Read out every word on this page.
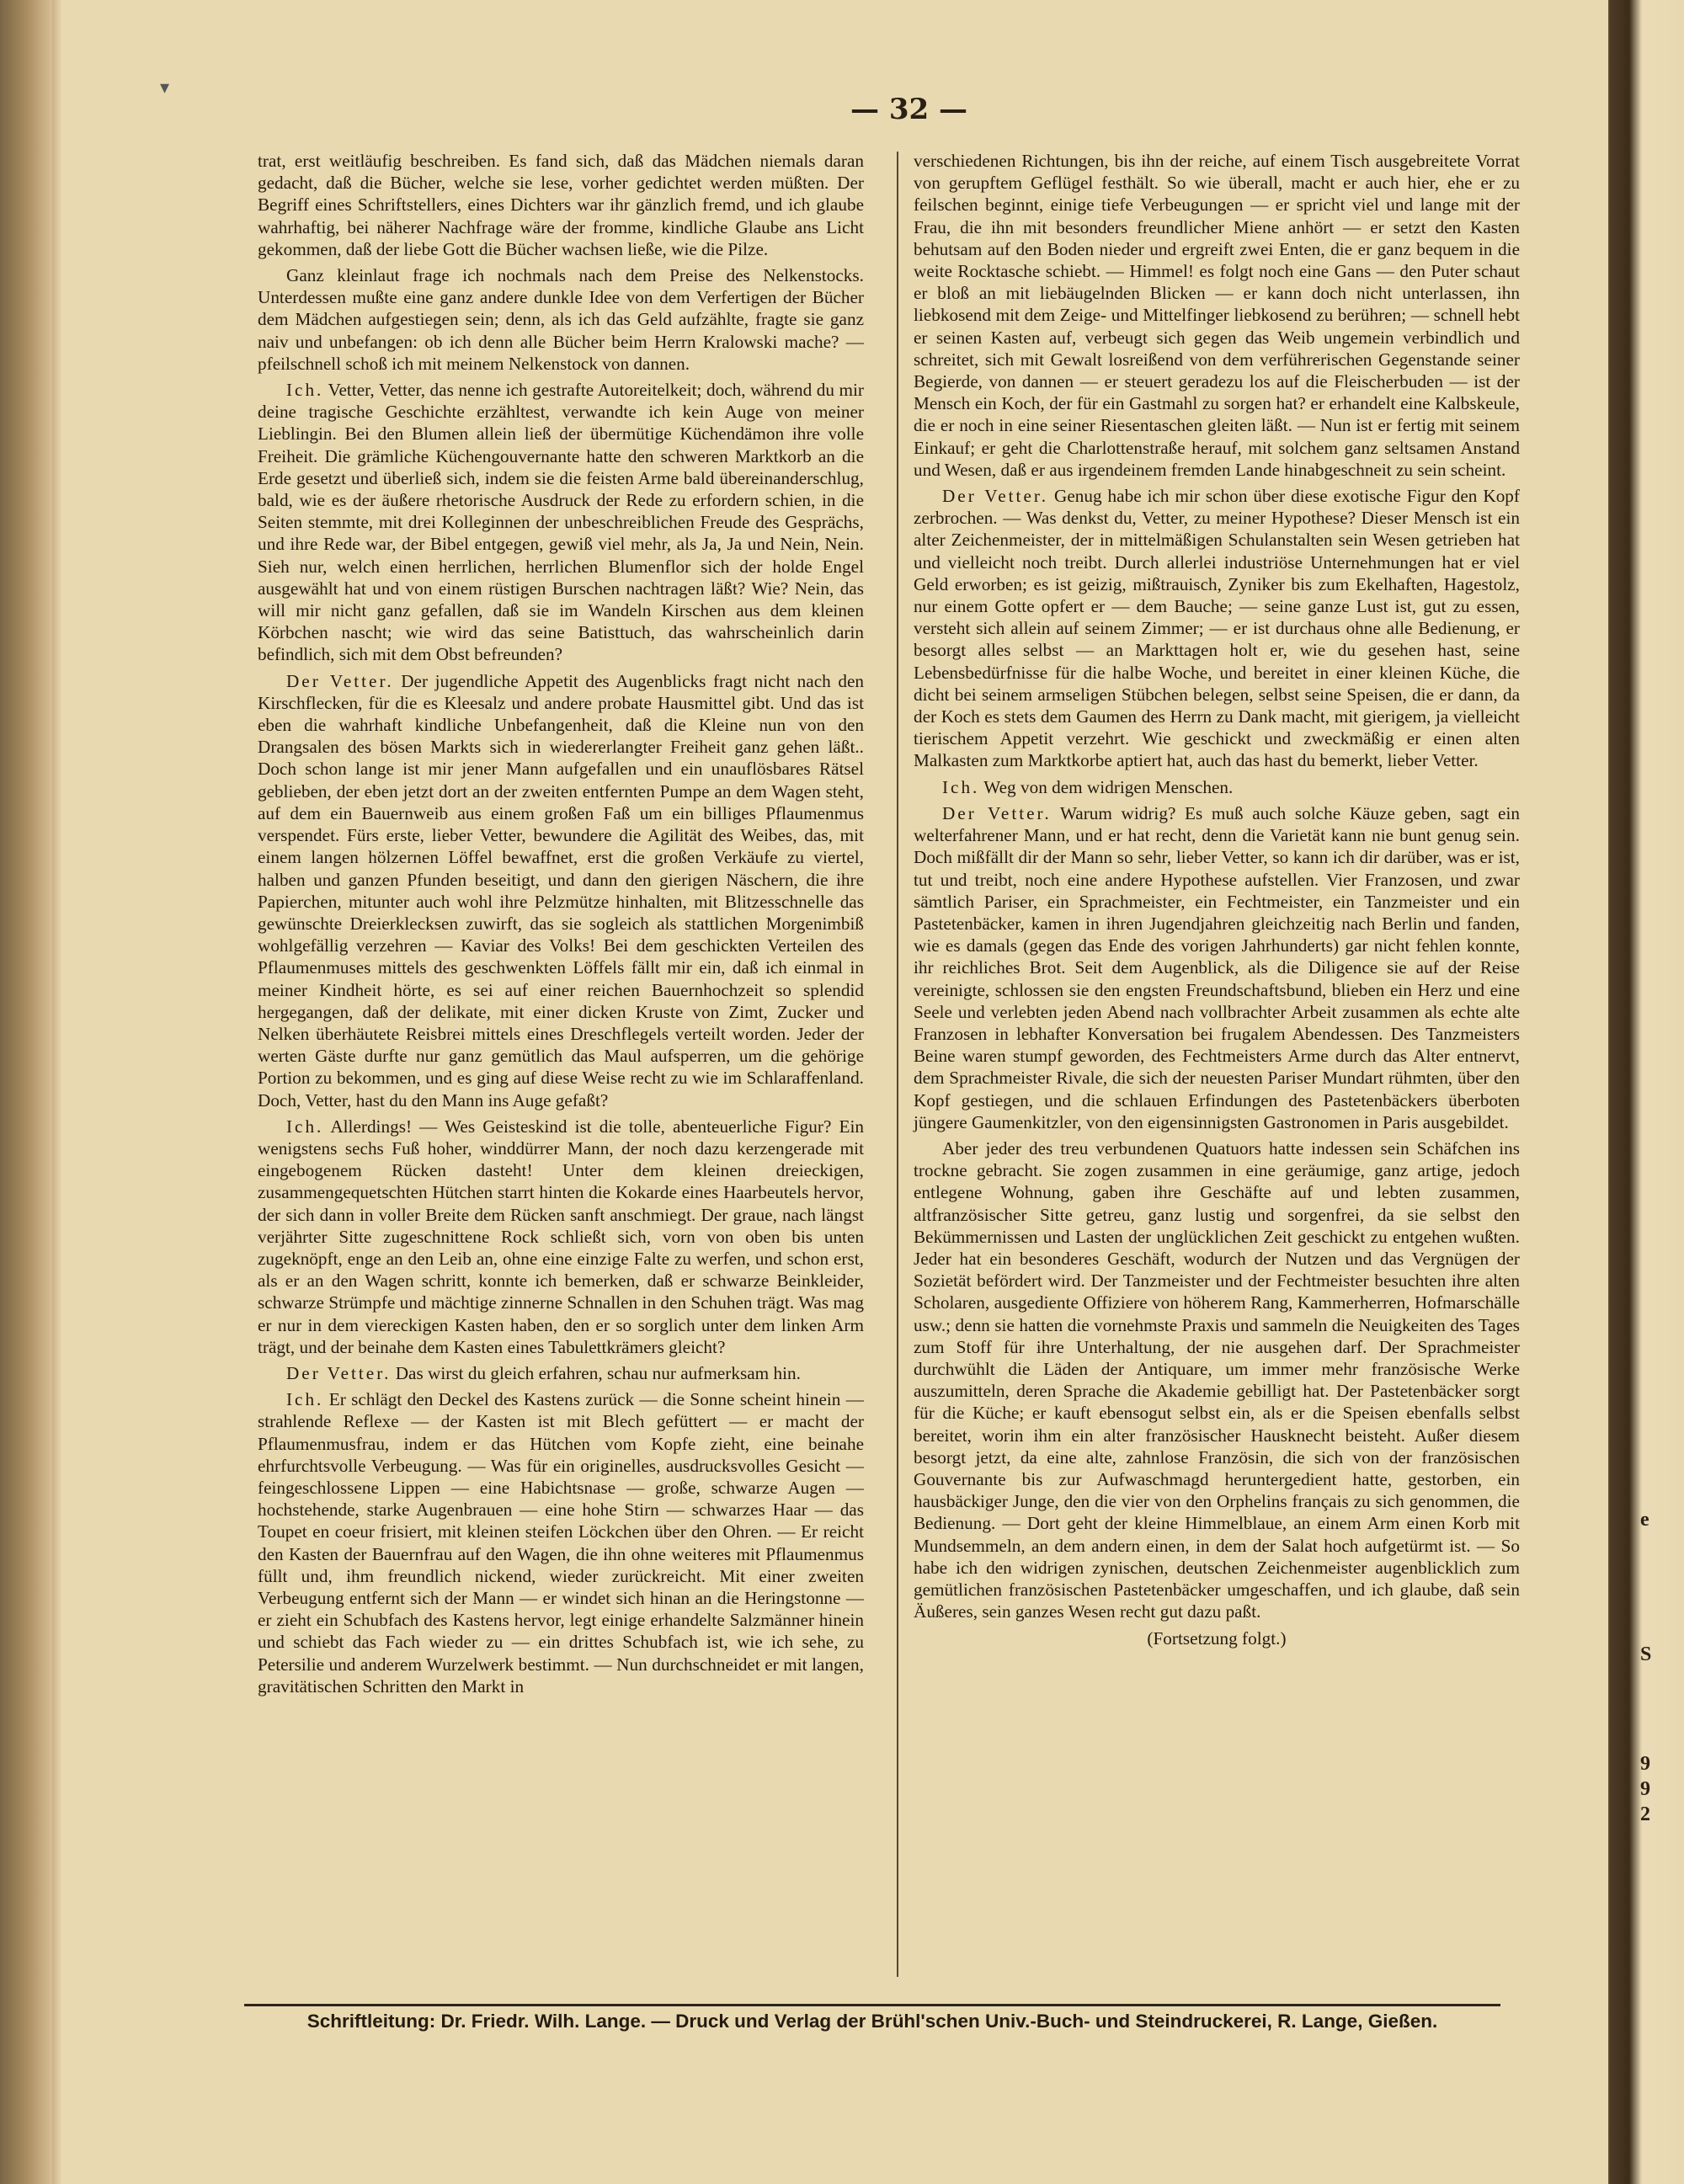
▾
— 32 —

trat, erst weitläufig beschreiben. Es fand sich, daß das Mädchen niemals daran gedacht, daß die Bücher, welche sie lese, vorher gedichtet werden müßten. Der Begriff eines Schriftstellers, eines Dichters war ihr gänzlich fremd, und ich glaube wahrhaftig, bei näherer Nachfrage wäre der fromme, kindliche Glaube ans Licht gekommen, daß der liebe Gott die Bücher wachsen ließe, wie die Pilze.

Ganz kleinlaut frage ich nochmals nach dem Preise des Nelkenstocks. Unterdessen mußte eine ganz andere dunkle Idee von dem Verfertigen der Bücher dem Mädchen aufgestiegen sein; denn, als ich das Geld aufzählte, fragte sie ganz naiv und unbefangen: ob ich denn alle Bücher beim Herrn Kralowski mache? — pfeilschnell schoß ich mit meinem Nelkenstock von dannen.

Ich. Vetter, Vetter, das nenne ich gestrafte Autoreitelkeit; doch, während du mir deine tragische Geschichte erzähltest, verwandte ich kein Auge von meiner Lieblingin. Bei den Blumen allein ließ der übermütige Küchendämon ihre volle Freiheit. Die grämliche Küchengouvernante hatte den schweren Marktkorb an die Erde gesetzt und überließ sich, indem sie die feisten Arme bald übereinanderschlug, bald, wie es der äußere rhetorische Ausdruck der Rede zu erfordern schien, in die Seiten stemmte, mit drei Kolleginnen der unbeschreiblichen Freude des Gesprächs, und ihre Rede war, der Bibel entgegen, gewiß viel mehr, als Ja, Ja und Nein, Nein. Sieh nur, welch einen herrlichen, herrlichen Blumenflor sich der holde Engel ausgewählt hat und von einem rüstigen Burschen nachtragen läßt? Wie? Nein, das will mir nicht ganz gefallen, daß sie im Wandeln Kirschen aus dem kleinen Körbchen nascht; wie wird das seine Batisttuch, das wahrscheinlich darin befindlich, sich mit dem Obst befreunden?

Der Vetter. Der jugendliche Appetit des Augenblicks fragt nicht nach den Kirschflecken, für die es Kleesalz und andere probate Hausmittel gibt. Und das ist eben die wahrhaft kindliche Unbefangenheit, daß die Kleine nun von den Drangsalen des bösen Markts sich in wiedererlangter Freiheit ganz gehen läßt.. Doch schon lange ist mir jener Mann aufgefallen und ein unauflösbares Rätsel geblieben, der eben jetzt dort an der zweiten entfernten Pumpe an dem Wagen steht, auf dem ein Bauernweib aus einem großen Faß um ein billiges Pflaumenmus verspendet. Fürs erste, lieber Vetter, bewundere die Agilität des Weibes, das, mit einem langen hölzernen Löffel bewaffnet, erst die großen Verkäufe zu viertel, halben und ganzen Pfunden beseitigt, und dann den gierigen Näschern, die ihre Papierchen, mitunter auch wohl ihre Pelzmütze hinhalten, mit Blitzesschnelle das gewünschte Dreierklecksen zuwirft, das sie sogleich als stattlichen Morgenimbiß wohlgefällig verzehren — Kaviar des Volks! Bei dem geschickten Verteilen des Pflaumenmuses mittels des geschwenkten Löffels fällt mir ein, daß ich einmal in meiner Kindheit hörte, es sei auf einer reichen Bauernhochzeit so splendid hergegangen, daß der delikate, mit einer dicken Kruste von Zimt, Zucker und Nelken überhäutete Reisbrei mittels eines Dreschflegels verteilt worden. Jeder der werten Gäste durfte nur ganz gemütlich das Maul aufsperren, um die gehörige Portion zu bekommen, und es ging auf diese Weise recht zu wie im Schlaraffenland. Doch, Vetter, hast du den Mann ins Auge gefaßt?

Ich. Allerdings! — Wes Geisteskind ist die tolle, abenteuerliche Figur? Ein wenigstens sechs Fuß hoher, winddürrer Mann, der noch dazu kerzengerade mit eingebogenem Rücken dasteht! Unter dem kleinen dreieckigen, zusammengequetschten Hütchen starrt hinten die Kokarde eines Haarbeutels hervor, der sich dann in voller Breite dem Rücken sanft anschmiegt. Der graue, nach längst verjährter Sitte zugeschnittene Rock schließt sich, vorn von oben bis unten zugeknöpft, enge an den Leib an, ohne eine einzige Falte zu werfen, und schon erst, als er an den Wagen schritt, konnte ich bemerken, daß er schwarze Beinkleider, schwarze Strümpfe und mächtige zinnerne Schnallen in den Schuhen trägt. Was mag er nur in dem viereckigen Kasten haben, den er so sorglich unter dem linken Arm trägt, und der beinahe dem Kasten eines Tabulettkrämers gleicht?

Der Vetter. Das wirst du gleich erfahren, schau nur aufmerksam hin.

Ich. Er schlägt den Deckel des Kastens zurück — die Sonne scheint hinein — strahlende Reflexe — der Kasten ist mit Blech gefüttert — er macht der Pflaumenmusfrau, indem er das Hütchen vom Kopfe zieht, eine beinahe ehrfurchtsvolle Verbeugung. — Was für ein originelles, ausdrucksvolles Gesicht — feingeschlossene Lippen — eine Habichtsnase — große, schwarze Augen — hochstehende, starke Augenbrauen — eine hohe Stirn — schwarzes Haar — das Toupet en coeur frisiert, mit kleinen steifen Löckchen über den Ohren. — Er reicht den Kasten der Bauernfrau auf den Wagen, die ihn ohne weiteres mit Pflaumenmus füllt und, ihm freundlich nickend, wieder zurückreicht. Mit einer zweiten Verbeugung entfernt sich der Mann — er windet sich hinan an die Heringstonne — er zieht ein Schubfach des Kastens hervor, legt einige erhandelte Salzmänner hinein und schiebt das Fach wieder zu — ein drittes Schubfach ist, wie ich sehe, zu Petersilie und anderem Wurzelwerk bestimmt. — Nun durchschneidet er mit langen, gravitätischen Schritten den Markt in

verschiedenen Richtungen, bis ihn der reiche, auf einem Tisch ausgebreitete Vorrat von gerupftem Geflügel festhält. So wie überall, macht er auch hier, ehe er zu feilschen beginnt, einige tiefe Verbeugungen — er spricht viel und lange mit der Frau, die ihn mit besonders freundlicher Miene anhört — er setzt den Kasten behutsam auf den Boden nieder und ergreift zwei Enten, die er ganz bequem in die weite Rocktasche schiebt. — Himmel! es folgt noch eine Gans — den Puter schaut er bloß an mit liebäugelnden Blicken — er kann doch nicht unterlassen, ihn liebkosend mit dem Zeige- und Mittelfinger liebkosend zu berühren; — schnell hebt er seinen Kasten auf, verbeugt sich gegen das Weib ungemein verbindlich und schreitet, sich mit Gewalt losreißend von dem verführerischen Gegenstande seiner Begierde, von dannen — er steuert geradezu los auf die Fleischerbuden — ist der Mensch ein Koch, der für ein Gastmahl zu sorgen hat? er erhandelt eine Kalbskeule, die er noch in eine seiner Riesentaschen gleiten läßt. — Nun ist er fertig mit seinem Einkauf; er geht die Charlottenstraße herauf, mit solchem ganz seltsamen Anstand und Wesen, daß er aus irgendeinem fremden Lande hinabgeschneit zu sein scheint.

Der Vetter. Genug habe ich mir schon über diese exotische Figur den Kopf zerbrochen. — Was denkst du, Vetter, zu meiner Hypothese? Dieser Mensch ist ein alter Zeichenmeister, der in mittelmäßigen Schulanstalten sein Wesen getrieben hat und vielleicht noch treibt. Durch allerlei industriöse Unternehmungen hat er viel Geld erworben; es ist geizig, mißtrauisch, Zyniker bis zum Ekelhaften, Hagestolz, nur einem Gotte opfert er — dem Bauche; — seine ganze Lust ist, gut zu essen, versteht sich allein auf seinem Zimmer; — er ist durchaus ohne alle Bedienung, er besorgt alles selbst — an Markttagen holt er, wie du gesehen hast, seine Lebensbedürfnisse für die halbe Woche, und bereitet in einer kleinen Küche, die dicht bei seinem armseligen Stübchen belegen, selbst seine Speisen, die er dann, da der Koch es stets dem Gaumen des Herrn zu Dank macht, mit gierigem, ja vielleicht tierischem Appetit verzehrt. Wie geschickt und zweckmäßig er einen alten Malkasten zum Marktkorbe aptiert hat, auch das hast du bemerkt, lieber Vetter.

Ich. Weg von dem widrigen Menschen.

Der Vetter. Warum widrig? Es muß auch solche Käuze geben, sagt ein welterfahrener Mann, und er hat recht, denn die Varietät kann nie bunt genug sein. Doch mißfällt dir der Mann so sehr, lieber Vetter, so kann ich dir darüber, was er ist, tut und treibt, noch eine andere Hypothese aufstellen. Vier Franzosen, und zwar sämtlich Pariser, ein Sprachmeister, ein Fechtmeister, ein Tanzmeister und ein Pastetenbäcker, kamen in ihren Jugendjahren gleichzeitig nach Berlin und fanden, wie es damals (gegen das Ende des vorigen Jahrhunderts) gar nicht fehlen konnte, ihr reichliches Brot. Seit dem Augenblick, als die Diligence sie auf der Reise vereinigte, schlossen sie den engsten Freundschaftsbund, blieben ein Herz und eine Seele und verlebten jeden Abend nach vollbrachter Arbeit zusammen als echte alte Franzosen in lebhafter Konversation bei frugalem Abendessen. Des Tanzmeisters Beine waren stumpf geworden, des Fechtmeisters Arme durch das Alter entnervt, dem Sprachmeister Rivale, die sich der neuesten Pariser Mundart rühmten, über den Kopf gestiegen, und die schlauen Erfindungen des Pastetenbäckers überboten jüngere Gaumenkitzler, von den eigensinnigsten Gastronomen in Paris ausgebildet.

Aber jeder des treu verbundenen Quatuors hatte indessen sein Schäfchen ins trockne gebracht. Sie zogen zusammen in eine geräumige, ganz artige, jedoch entlegene Wohnung, gaben ihre Geschäfte auf und lebten zusammen, altfranzösischer Sitte getreu, ganz lustig und sorgenfrei, da sie selbst den Bekümmernissen und Lasten der unglücklichen Zeit geschickt zu entgehen wußten. Jeder hat ein besonderes Geschäft, wodurch der Nutzen und das Vergnügen der Sozietät befördert wird. Der Tanzmeister und der Fechtmeister besuchten ihre alten Scholaren, ausgediente Offiziere von höherem Rang, Kammerherren, Hofmarschälle usw.; denn sie hatten die vornehmste Praxis und sammeln die Neuigkeiten des Tages zum Stoff für ihre Unterhaltung, der nie ausgehen darf. Der Sprachmeister durchwühlt die Läden der Antiquare, um immer mehr französische Werke auszumitteln, deren Sprache die Akademie gebilligt hat. Der Pastetenbäcker sorgt für die Küche; er kauft ebensogut selbst ein, als er die Speisen ebenfalls selbst bereitet, worin ihm ein alter französischer Hausknecht beisteht. Außer diesem besorgt jetzt, da eine alte, zahnlose Französin, die sich von der französischen Gouvernante bis zur Aufwaschmagd heruntergedient hatte, gestorben, ein hausbäckiger Junge, den die vier von den Orphelins français zu sich genommen, die Bedienung. — Dort geht der kleine Himmelblaue, an einem Arm einen Korb mit Mundsemmeln, an dem andern einen, in dem der Salat hoch aufgetürmt ist. — So habe ich den widrigen zynischen, deutschen Zeichenmeister augenblicklich zum gemütlichen französischen Pastetenbäcker umgeschaffen, und ich glaube, daß sein Äußeres, sein ganzes Wesen recht gut dazu paßt.

(Fortsetzung folgt.)

Schriftleitung: Dr. Friedr. Wilh. Lange. — Druck und Verlag der Brühl'schen Univ.-Buch- und Steindruckerei, R. Lange, Gießen.
e
S
9
9
2
